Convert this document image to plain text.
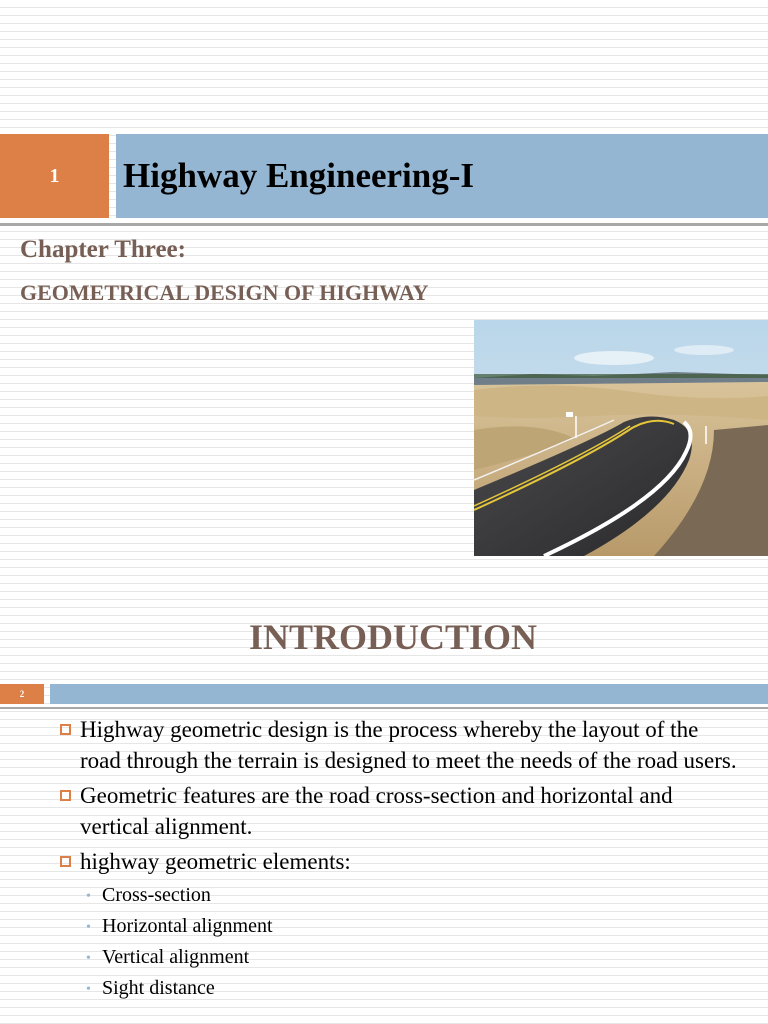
1 Highway Engineering-I
Chapter Three:
GEOMETRICAL DESIGN OF HIGHWAY
INTRODUCTION
2
Highway geometric design is the process whereby the layout of the road through the terrain is designed to meet the needs of the road users.
Geometric features are the road cross-section and horizontal and vertical alignment.
highway geometric elements:
• Cross-section
• Horizontal alignment
• Vertical alignment
• Sight distance
